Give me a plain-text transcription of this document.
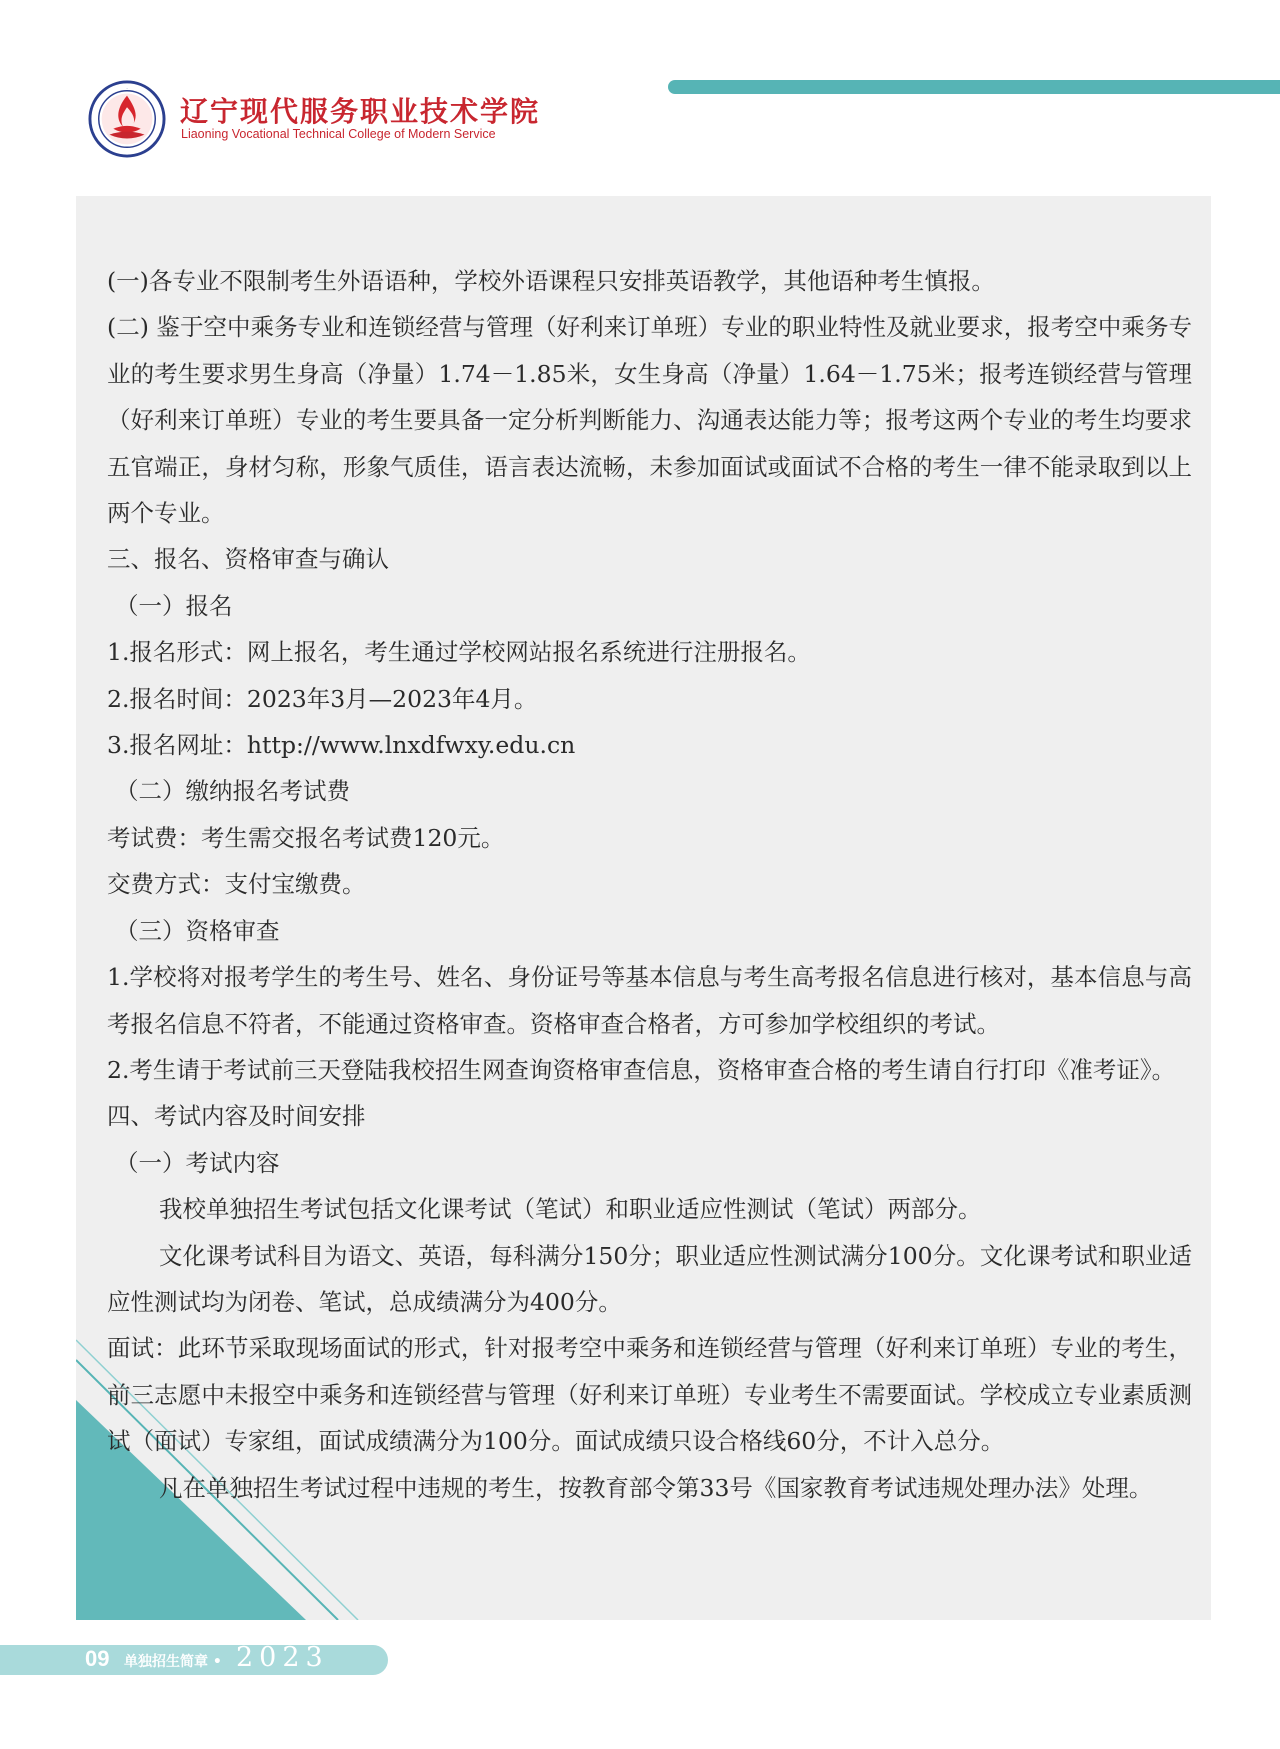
.
辽宁现代服务职业技术学院
Liaoning Vocational Technical College of Modern Service

(一)各专业不限制考生外语语种，学校外语课程只安排英语教学，其他语种考生慎报。

(二) 鉴于空中乘务专业和连锁经营与管理（好利来订单班）专业的职业特性及就业要求，报考空中乘务专业的考生要求男生身高（净量）1.74－1.85米，女生身高（净量）1.64－1.75米；报考连锁经营与管理（好利来订单班）专业的考生要具备一定分析判断能力、沟通表达能力等；报考这两个专业的考生均要求五官端正，身材匀称，形象气质佳，语言表达流畅，未参加面试或面试不合格的考生一律不能录取到以上两个专业。

三、报名、资格审查与确认

（一）报名

1.报名形式：网上报名，考生通过学校网站报名系统进行注册报名。

2.报名时间：2023年3月—2023年4月。

3.报名网址：http://www.lnxdfwxy.edu.cn

（二）缴纳报名考试费

考试费：考生需交报名考试费120元。

交费方式：支付宝缴费。

（三）资格审查

1.学校将对报考学生的考生号、姓名、身份证号等基本信息与考生高考报名信息进行核对，基本信息与高考报名信息不符者，不能通过资格审查。资格审查合格者，方可参加学校组织的考试。

2.考生请于考试前三天登陆我校招生网查询资格审查信息，资格审查合格的考生请自行打印《准考证》。

四、考试内容及时间安排

（一）考试内容

我校单独招生考试包括文化课考试（笔试）和职业适应性测试（笔试）两部分。

文化课考试科目为语文、英语，每科满分150分；职业适应性测试满分100分。文化课考试和职业适应性测试均为闭卷、笔试，总成绩满分为400分。

面试：此环节采取现场面试的形式，针对报考空中乘务和连锁经营与管理（好利来订单班）专业的考生，前三志愿中未报空中乘务和连锁经营与管理（好利来订单班）专业考生不需要面试。学校成立专业素质测试（面试）专家组，面试成绩满分为100分。面试成绩只设合格线60分，不计入总分。

凡在单独招生考试过程中违规的考生，按教育部令第33号《国家教育考试违规处理办法》处理。

09 单独招生简章 • 2023
